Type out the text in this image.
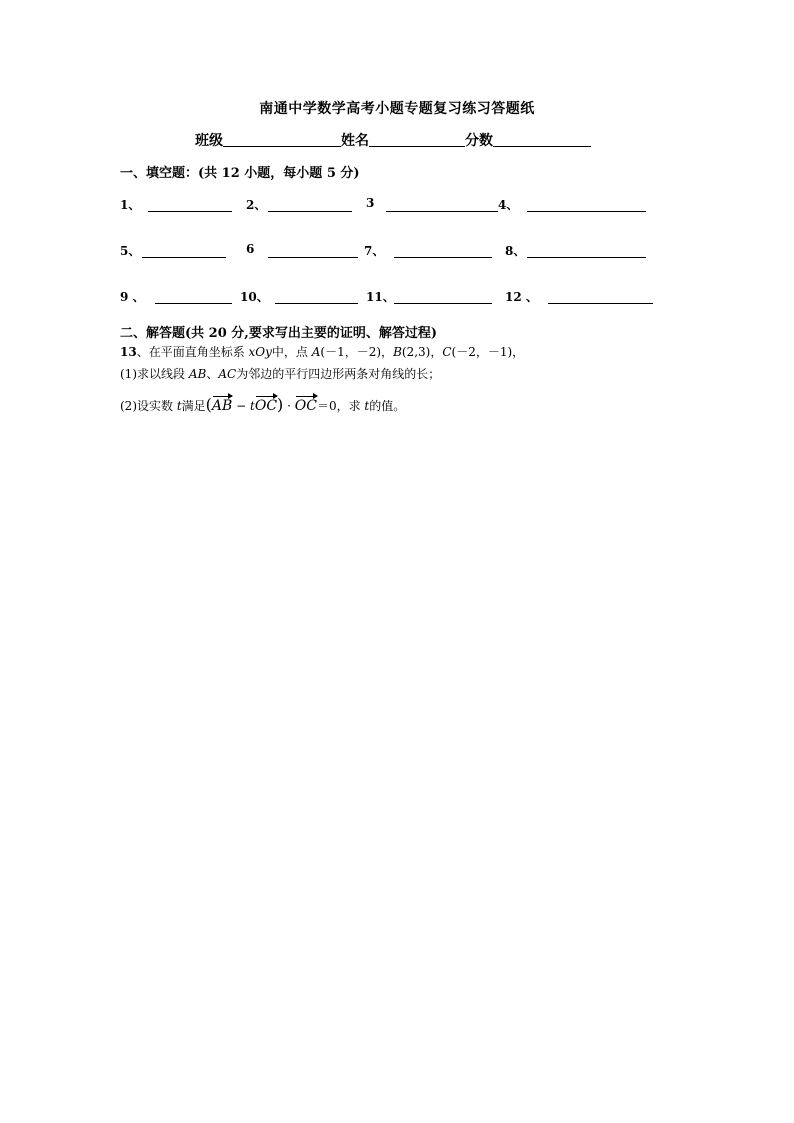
南通中学数学高考小题专题复习练习答题纸
班级	姓名	分数
一、填空题：(共 12 小题，每小题 5 分)
1、	2、	3	4、
5、	6	7、	8、
9 、	10、	11、	12 、
二、解答题(共 20 分,要求写出主要的证明、解答过程)
13、在平面直角坐标系 xOy中，点 A(－1，－2)，B(2,3)，C(－2，－1)，
(1)求以线段 AB、AC为邻边的平行四边形两条对角线的长；
(2)设实数 t满足(AB − tOC) · OC＝0，求 t的值。
